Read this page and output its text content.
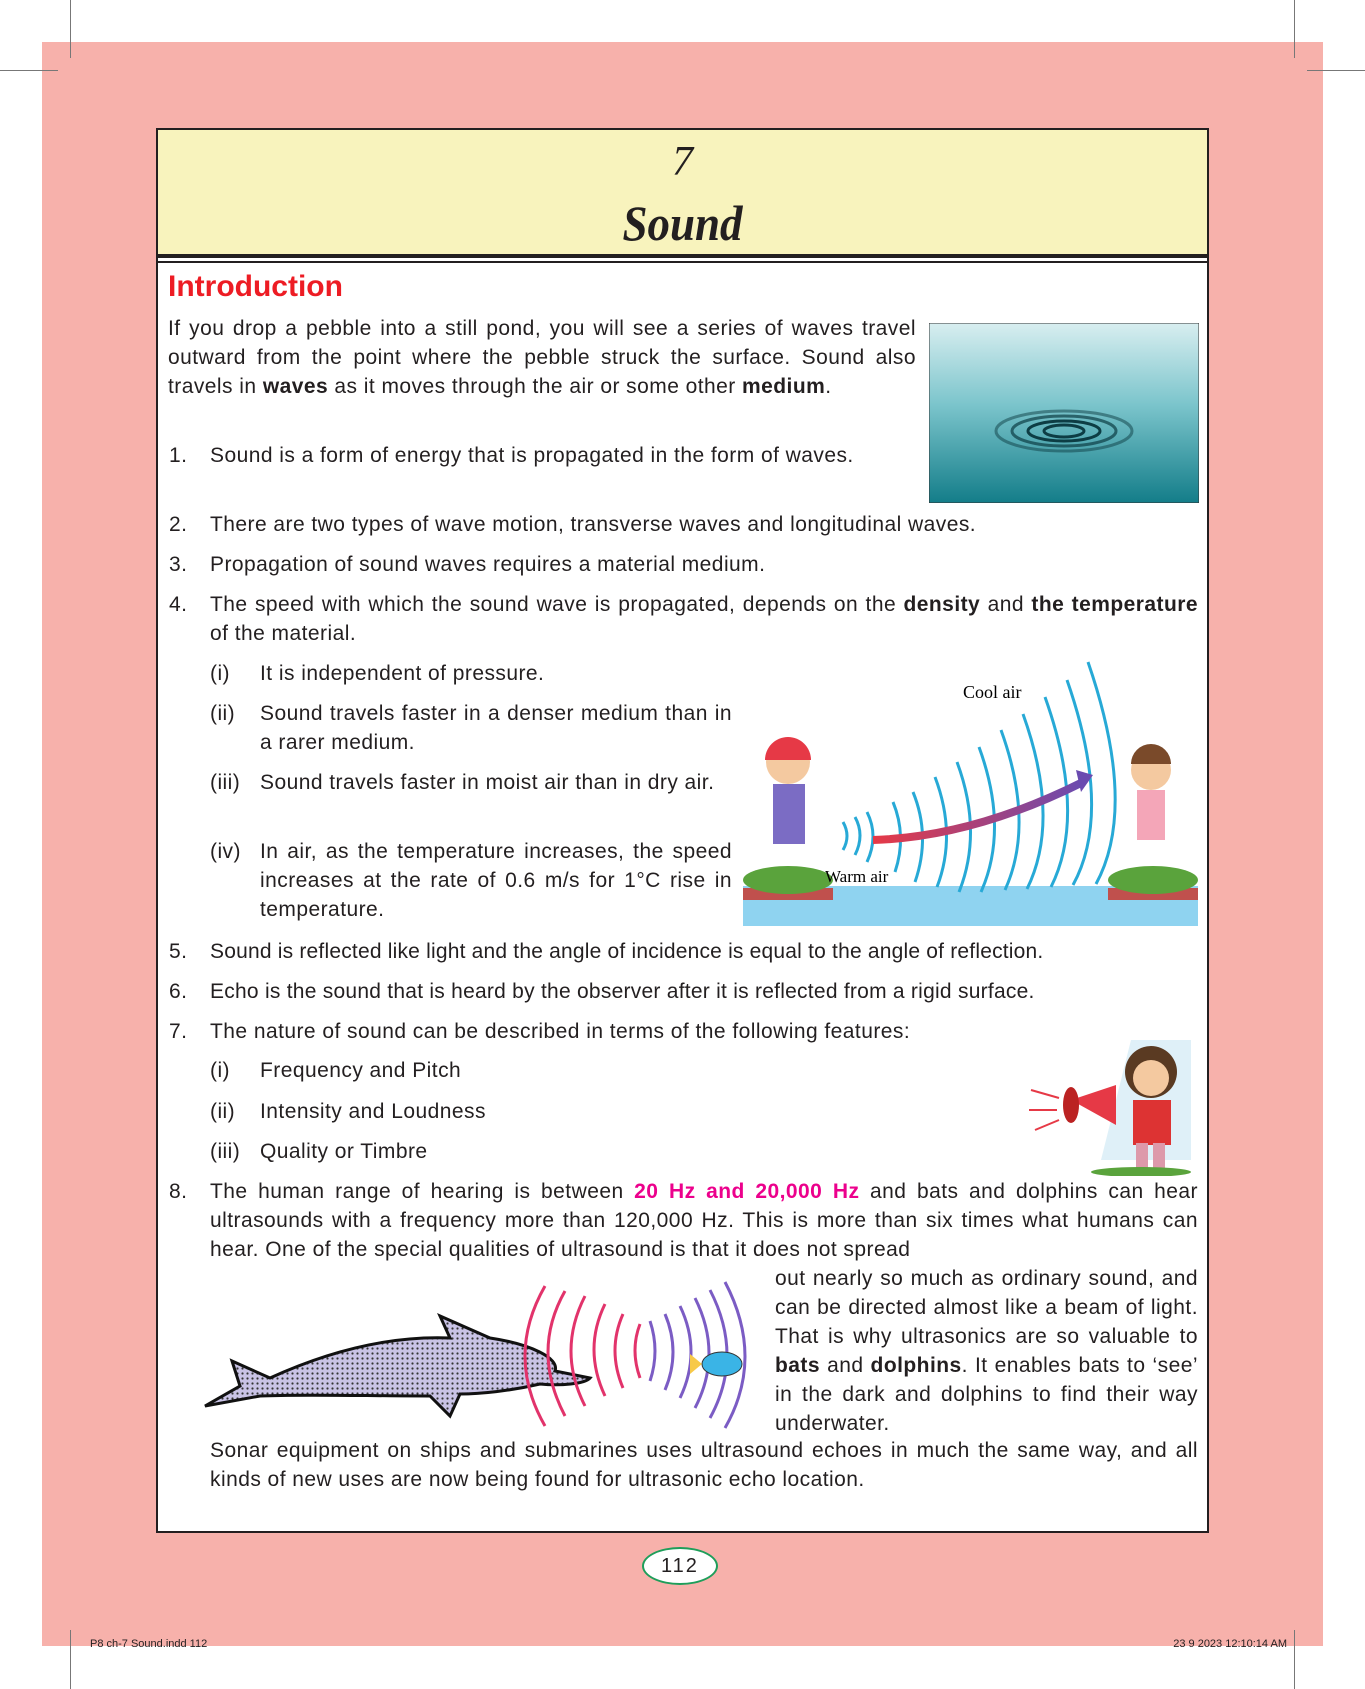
7
Sound
Introduction
If you drop a pebble into a still pond, you will see a series of waves travel outward from the point where the pebble struck the surface. Sound also travels in waves as it moves through the air or some other medium.
1. Sound is a form of energy that is propagated in the form of waves.
2. There are two types of wave motion, transverse waves and longitudinal waves.
3. Propagation of sound waves requires a material medium.
4. The speed with which the sound wave is propagated, depends on the density and the temperature of the material.
(i) It is independent of pressure.
(ii) Sound travels faster in a denser medium than in a rarer medium.
(iii) Sound travels faster in moist air than in dry air.
(iv) In air, as the temperature increases, the speed increases at the rate of 0.6 m/s for 1°C rise in temperature.
Cool air
Warm air
5. Sound is reflected like light and the angle of incidence is equal to the angle of reflection.
6. Echo is the sound that is heard by the observer after it is reflected from a rigid surface.
7. The nature of sound can be described in terms of the following features:
(i) Frequency and Pitch
(ii) Intensity and Loudness
(iii) Quality or Timbre
8. The human range of hearing is between 20 Hz and 20,000 Hz and bats and dolphins can hear ultrasounds with a frequency more than 120,000 Hz. This is more than six times what humans can hear. One of the special qualities of ultrasound is that it does not spread
out nearly so much as ordinary sound, and can be directed almost like a beam of light. That is why ultrasonics are so valuable to bats and dolphins. It enables bats to ‘see’ in the dark and dolphins to find their way underwater.
Sonar equipment on ships and submarines uses ultrasound echoes in much the same way, and all kinds of new uses are now being found for ultrasonic echo location.
112
P8 ch-7 Sound.indd 112	23 9 2023 12:10:14 AM
